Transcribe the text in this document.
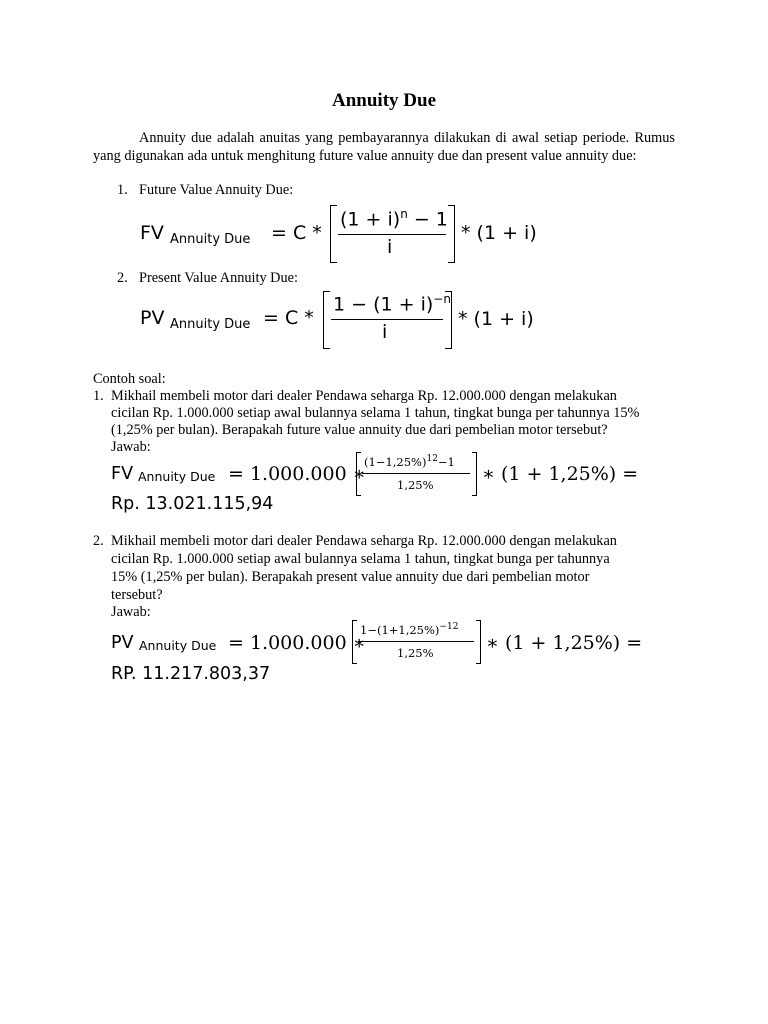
Annuity Due
Annuity due adalah anuitas yang pembayarannya dilakukan di awal setiap periode. Rumus yang digunakan ada untuk menghitung future value annuity due dan present value annuity due:
1. Future Value Annuity Due:
FV Annuity Due = C *
$(1 + i)^n - 1$
i
* (1 + i)
2. Present Value Annuity Due:
PV Annuity Due = C *
$1 - (1 + i)^{-n}$
i
* (1 + i)
Contoh soal:
1. Mikhail membeli motor dari dealer Pendawa seharga Rp. 12.000.000 dengan melakukan
cicilan Rp. 1.000.000 setiap awal bulannya selama 1 tahun, tingkat bunga per tahunnya 15%
(1,25% per bulan). Berapakah future value annuity due dari pembelian motor tersebut?
Jawab:
FV Annuity Due = 1.000.000 ∗
$(1-1,25\%)^{12}-1$
1,25%	∗ (1 + 1,25%) =
Rp. 13.021.115,94
2. Mikhail membeli motor dari dealer Pendawa seharga Rp. 12.000.000 dengan melakukan
cicilan Rp. 1.000.000 setiap awal bulannya selama 1 tahun, tingkat bunga per tahunnya
15% (1,25% per bulan). Berapakah present value annuity due dari pembelian motor
tersebut?
Jawab:
PV Annuity Due = 1.000.000 ∗
$1-(1+1,25\%)^{-12}$
1,25%	∗ (1 + 1,25%) =
RP. 11.217.803,37
